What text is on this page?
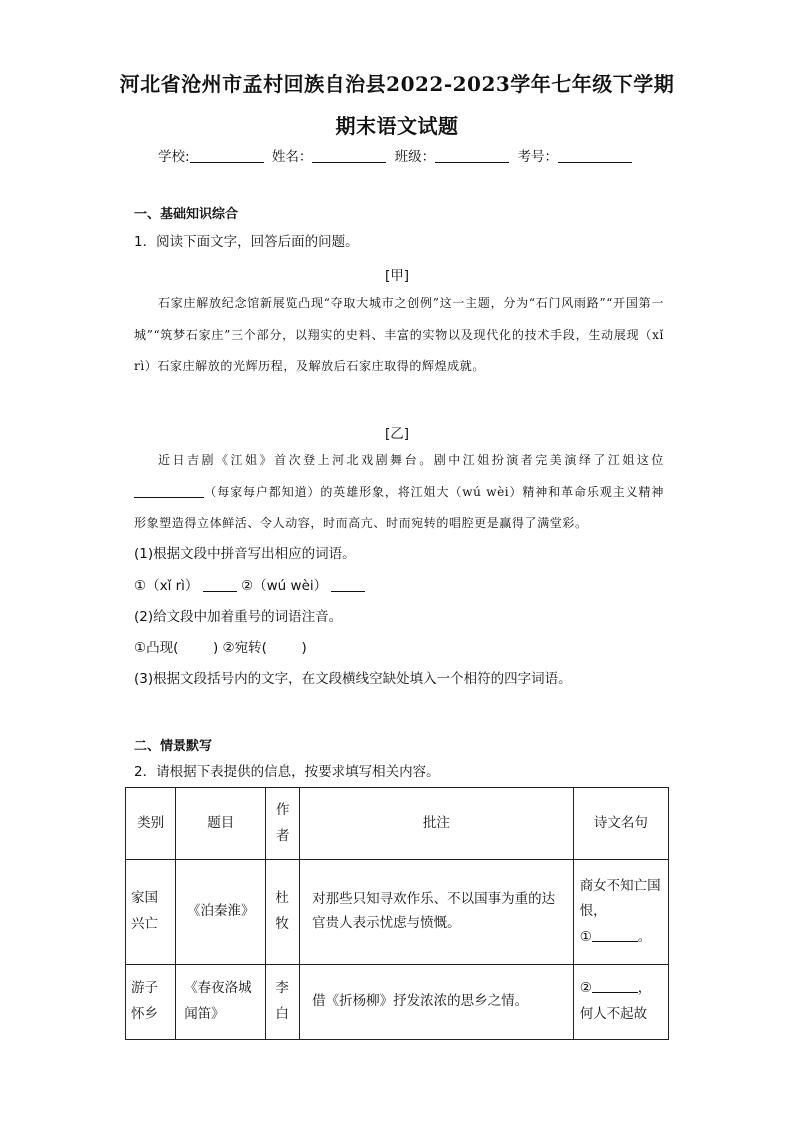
河北省沧州市孟村回族自治县2022-2023学年七年级下学期
期末语文试题
学校:	姓名：	班级：	考号：
一、基础知识综合
1．阅读下面文字，回答后面的问题。
[甲]

石家庄解放纪念馆新展览凸现“夺取大城市之创例”这一主题，分为“石门风雨路”“开国第一城”“筑梦石家庄”三个部分，以翔实的史料、丰富的实物以及现代化的技术手段，生动展现（xǐ rì）石家庄解放的光辉历程，及解放后石家庄取得的辉煌成就。

[乙]

近日吉剧《江姐》首次登上河北戏剧舞台。剧中江姐扮演者完美演绎了江姐这位（每家每户都知道）的英雄形象，将江姐大（wú wèi）精神和革命乐观主义精神形象塑造得立体鲜活、令人动容，时而高亢、时而宛转的唱腔更是赢得了满堂彩。

(1)根据文段中拼音写出相应的词语。
①（xǐ rì）	②（wú wèi）
(2)给文段中加着重号的词语注音。
①凸现(	) ②宛转(	)
(3)根据文段括号内的文字，在文段横线空缺处填入一个相符的四字词语。
二、情景默写
2．请根据下表提供的信息，按要求填写相关内容。
类别	题目	作者	批注	诗文名句
家国兴亡	《泊秦淮》	杜牧	对那些只知寻欢作乐、不以国事为重的达官贵人表示忧虑与愤慨。	商女不知亡国恨，
① 。
游子怀乡	《春夜洛城闻笛》	李白	借《折杨柳》抒发浓浓的思乡之情。	② ，
何人不起故
